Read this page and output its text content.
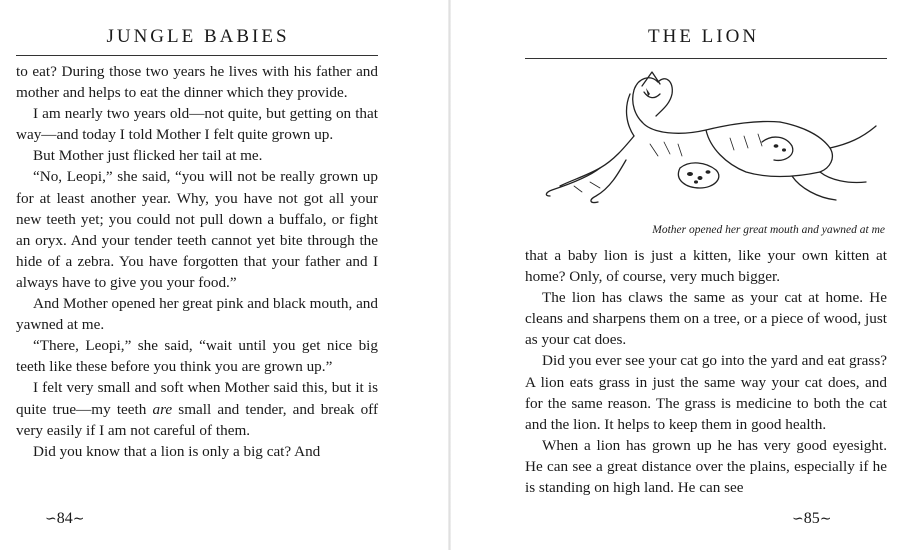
JUNGLE BABIES

to eat? During those two years he lives with his father and mother and helps to eat the dinner which they provide.

I am nearly two years old—not quite, but getting on that way—and today I told Mother I felt quite grown up.

But Mother just flicked her tail at me.

“No, Leopi,” she said, “you will not be really grown up for at least another year. Why, you have not got all your new teeth yet; you could not pull down a buffalo, or fight an oryx. And your tender teeth cannot yet bite through the hide of a zebra. You have forgotten that your father and I always have to give you your food.”

And Mother opened her great pink and black mouth, and yawned at me.

“There, Leopi,” she said, “wait until you get nice big teeth like these before you think you are grown up.”

I felt very small and soft when Mother said this, but it is quite true—my teeth are small and tender, and break off very easily if I am not careful of them.

Did you know that a lion is only a big cat? And

∽84∼
THE LION
Mother opened her great mouth and yawned at me

that a baby lion is just a kitten, like your own kitten at home? Only, of course, very much bigger.

The lion has claws the same as your cat at home. He cleans and sharpens them on a tree, or a piece of wood, just as your cat does.

Did you ever see your cat go into the yard and eat grass? A lion eats grass in just the same way your cat does, and for the same reason. The grass is medicine to both the cat and the lion. It helps to keep them in good health.

When a lion has grown up he has very good eyesight. He can see a great distance over the plains, especially if he is standing on high land. He can see

∽85∼
